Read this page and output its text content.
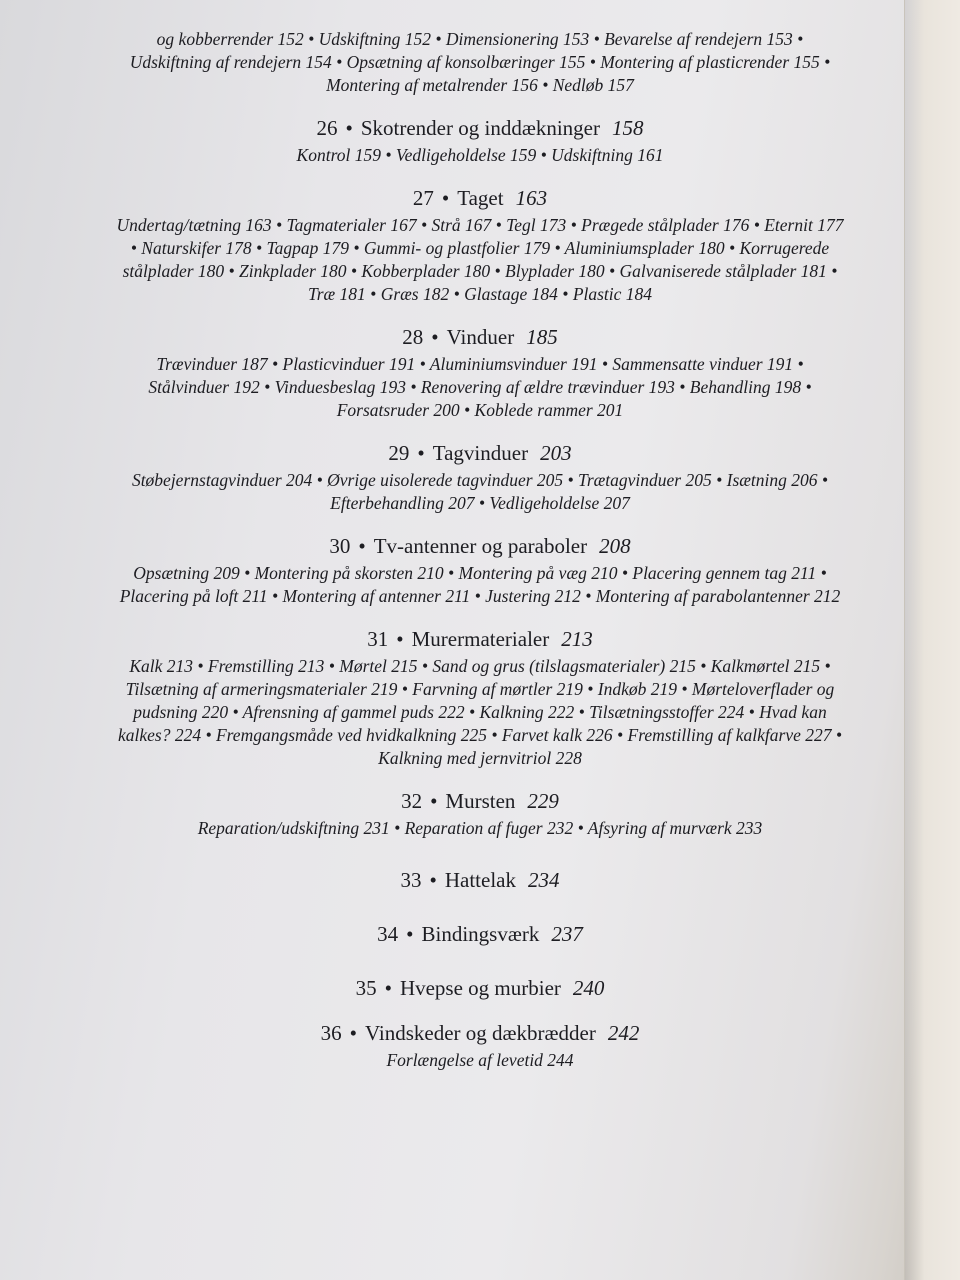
og kobberrender 152 • Udskiftning 152 • Dimensionering 153 • Bevarelse af rendejern 153 • Udskiftning af rendejern 154 • Opsætning af konsolbæringer 155 • Montering af plasticrender 155 • Montering af metalrender 156 • Nedløb 157

26 • Skotrender og inddækninger 158

Kontrol 159 • Vedligeholdelse 159 • Udskiftning 161

27 • Taget 163

Undertag/tætning 163 • Tagmaterialer 167 • Strå 167 • Tegl 173 • Prægede stålplader 176 • Eternit 177 • Naturskifer 178 • Tagpap 179 • Gummi- og plastfolier 179 • Aluminiumsplader 180 • Korrugerede stålplader 180 • Zinkplader 180 • Kobberplader 180 • Blyplader 180 • Galvaniserede stålplader 181 • Træ 181 • Græs 182 • Glastage 184 • Plastic 184

28 • Vinduer 185

Trævinduer 187 • Plasticvinduer 191 • Aluminiumsvinduer 191 • Sammensatte vinduer 191 • Stålvinduer 192 • Vinduesbeslag 193 • Renovering af ældre trævinduer 193 • Behandling 198 • Forsatsruder 200 • Koblede rammer 201

29 • Tagvinduer 203

Støbejernstagvinduer 204 • Øvrige uisolerede tagvinduer 205 • Trætagvinduer 205 • Isætning 206 • Efterbehandling 207 • Vedligeholdelse 207

30 • Tv-antenner og paraboler 208

Opsætning 209 • Montering på skorsten 210 • Montering på væg 210 • Placering gennem tag 211 • Placering på loft 211 • Montering af antenner 211 • Justering 212 • Montering af parabolantenner 212

31 • Murermaterialer 213

Kalk 213 • Fremstilling 213 • Mørtel 215 • Sand og grus (tilslagsmaterialer) 215 • Kalkmørtel 215 • Tilsætning af armeringsmaterialer 219 • Farvning af mørtler 219 • Indkøb 219 • Mørteloverflader og pudsning 220 • Afrensning af gammel puds 222 • Kalkning 222 • Tilsætningsstoffer 224 • Hvad kan kalkes? 224 • Fremgangsmåde ved hvidkalkning 225 • Farvet kalk 226 • Fremstilling af kalkfarve 227 • Kalkning med jernvitriol 228

32 • Mursten 229

Reparation/udskiftning 231 • Reparation af fuger 232 • Afsyring af murværk 233

33 • Hattelak 234
34 • Bindingsværk 237
35 • Hvepse og murbier 240
36 • Vindskeder og dækbrædder 242

Forlængelse af levetid 244
